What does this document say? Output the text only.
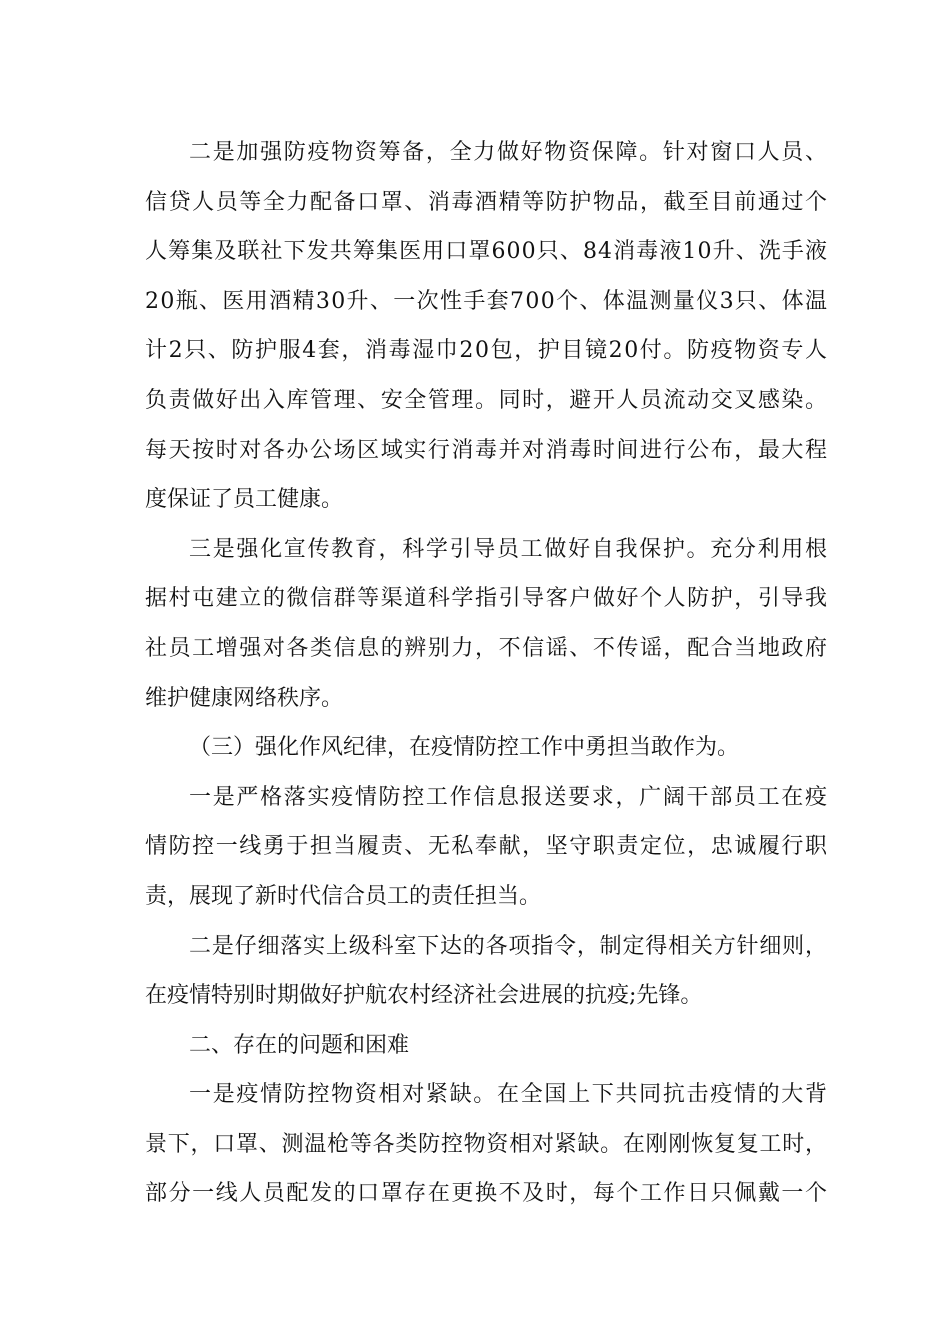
二是加强防疫物资筹备，全力做好物资保障。针对窗口人员、
信贷人员等全力配备口罩、消毒酒精等防护物品，截至目前通过个
人筹集及联社下发共筹集医用口罩600只、84消毒液10升、洗手液
20瓶、医用酒精30升、一次性手套700个、体温测量仪3只、体温
计2只、防护服4套，消毒湿巾20包，护目镜20付。防疫物资专人
负责做好出入库管理、安全管理。同时，避开人员流动交叉感染。
每天按时对各办公场区域实行消毒并对消毒时间进行公布，最大程
度保证了员工健康。
三是强化宣传教育，科学引导员工做好自我保护。充分利用根
据村屯建立的微信群等渠道科学指引导客户做好个人防护，引导我
社员工增强对各类信息的辨别力，不信谣、不传谣，配合当地政府
维护健康网络秩序。
（三）强化作风纪律，在疫情防控工作中勇担当敢作为。
一是严格落实疫情防控工作信息报送要求，广阔干部员工在疫
情防控一线勇于担当履责、无私奉献，坚守职责定位，忠诚履行职
责，展现了新时代信合员工的责任担当。
二是仔细落实上级科室下达的各项指令，制定得相关方针细则，
在疫情特别时期做好护航农村经济社会进展的抗疫;先锋。
二、存在的问题和困难
一是疫情防控物资相对紧缺。在全国上下共同抗击疫情的大背
景下，口罩、测温枪等各类防控物资相对紧缺。在刚刚恢复复工时，
部分一线人员配发的口罩存在更换不及时，每个工作日只佩戴一个
